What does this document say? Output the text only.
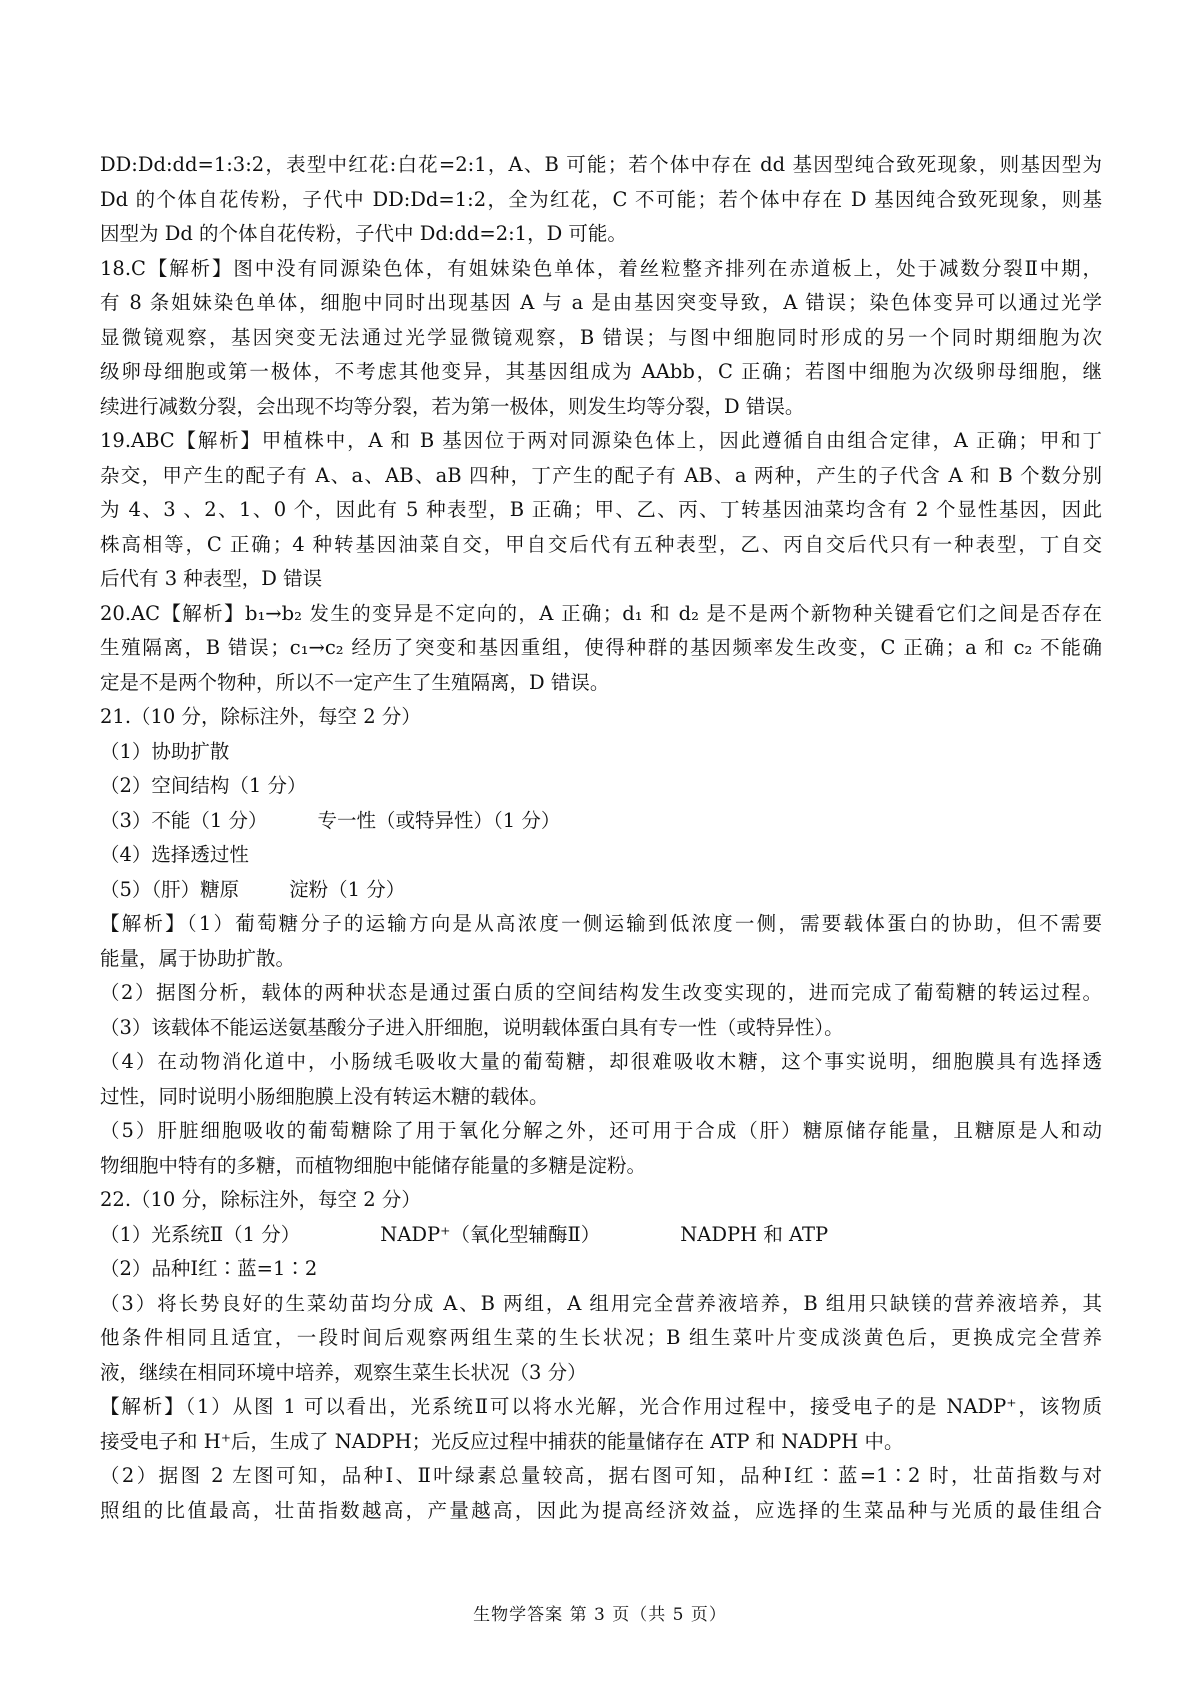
DD:Dd:dd=1:3:2，表型中红花:白花=2:1，A、B 可能；若个体中存在 dd 基因型纯合致死现象，则基因型为
Dd 的个体自花传粉，子代中 DD:Dd=1:2，全为红花，C 不可能；若个体中存在 D 基因纯合致死现象，则基
因型为 Dd 的个体自花传粉，子代中 Dd:dd=2:1，D 可能。
18.C【解析】图中没有同源染色体，有姐妹染色单体，着丝粒整齐排列在赤道板上，处于减数分裂Ⅱ中期，
有 8 条姐妹染色单体，细胞中同时出现基因 A 与 a 是由基因突变导致，A 错误；染色体变异可以通过光学
显微镜观察，基因突变无法通过光学显微镜观察，B 错误；与图中细胞同时形成的另一个同时期细胞为次
级卵母细胞或第一极体，不考虑其他变异，其基因组成为 AAbb，C 正确；若图中细胞为次级卵母细胞，继
续进行减数分裂，会出现不均等分裂，若为第一极体，则发生均等分裂，D 错误。
19.ABC【解析】甲植株中，A 和 B 基因位于两对同源染色体上，因此遵循自由组合定律，A 正确；甲和丁
杂交，甲产生的配子有 A、a、AB、aB 四种，丁产生的配子有 AB、a 两种，产生的子代含 A 和 B 个数分别
为 4、3 、2、1、0 个，因此有 5 种表型，B 正确；甲、乙、丙、丁转基因油菜均含有 2 个显性基因，因此
株高相等，C 正确；4 种转基因油菜自交，甲自交后代有五种表型，乙、丙自交后代只有一种表型，丁自交
后代有 3 种表型，D 错误
20.AC【解析】b₁→b₂ 发生的变异是不定向的，A 正确；d₁ 和 d₂ 是不是两个新物种关键看它们之间是否存在
生殖隔离，B 错误；c₁→c₂ 经历了突变和基因重组，使得种群的基因频率发生改变，C 正确；a 和 c₂ 不能确
定是不是两个物种，所以不一定产生了生殖隔离，D 错误。
21.（10 分，除标注外，每空 2 分）
（1）协助扩散
（2）空间结构（1 分）
（3）不能（1 分）	专一性（或特异性）（1 分）
（4）选择透过性
（5）（肝）糖原	淀粉（1 分）
【解析】（1）葡萄糖分子的运输方向是从高浓度一侧运输到低浓度一侧，需要载体蛋白的协助，但不需要
能量，属于协助扩散。
（2）据图分析，载体的两种状态是通过蛋白质的空间结构发生改变实现的，进而完成了葡萄糖的转运过程。
（3）该载体不能运送氨基酸分子进入肝细胞，说明载体蛋白具有专一性（或特异性）。
（4）在动物消化道中，小肠绒毛吸收大量的葡萄糖，却很难吸收木糖，这个事实说明，细胞膜具有选择透
过性，同时说明小肠细胞膜上没有转运木糖的载体。
（5）肝脏细胞吸收的葡萄糖除了用于氧化分解之外，还可用于合成（肝）糖原储存能量，且糖原是人和动
物细胞中特有的多糖，而植物细胞中能储存能量的多糖是淀粉。
22.（10 分，除标注外，每空 2 分）
（1）光系统Ⅱ（1 分）	NADP⁺（氧化型辅酶Ⅱ）	NADPH 和 ATP
（2）品种Ⅰ红∶蓝=1∶2
（3）将长势良好的生菜幼苗均分成 A、B 两组，A 组用完全营养液培养，B 组用只缺镁的营养液培养，其
他条件相同且适宜，一段时间后观察两组生菜的生长状况；B 组生菜叶片变成淡黄色后，更换成完全营养
液，继续在相同环境中培养，观察生菜生长状况（3 分）
【解析】（1）从图 1 可以看出，光系统Ⅱ可以将水光解，光合作用过程中，接受电子的是 NADP⁺，该物质
接受电子和 H⁺后，生成了 NADPH；光反应过程中捕获的能量储存在 ATP 和 NADPH 中。
（2）据图 2 左图可知，品种Ⅰ、Ⅱ叶绿素总量较高，据右图可知，品种Ⅰ红∶蓝=1∶2 时，壮苗指数与对
照组的比值最高，壮苗指数越高，产量越高，因此为提高经济效益，应选择的生菜品种与光质的最佳组合
生物学答案 第 3 页（共 5 页）
